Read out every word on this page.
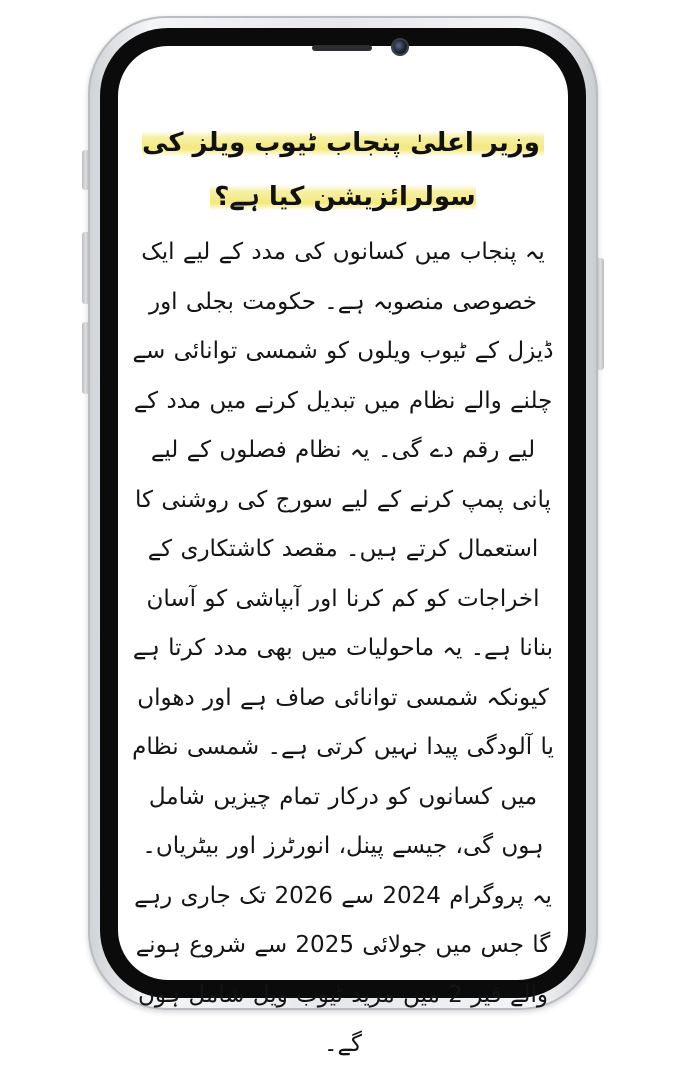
وزیر اعلیٰ پنجاب ٹیوب ویلز کی سولرائزیشن کیا ہے؟

یہ پنجاب میں کسانوں کی مدد کے لیے ایک خصوصی منصوبہ ہے۔ حکومت بجلی اور ڈیزل کے ٹیوب ویلوں کو شمسی توانائی سے چلنے والے نظام میں تبدیل کرنے میں مدد کے لیے رقم دے گی۔ یہ نظام فصلوں کے لیے پانی پمپ کرنے کے لیے سورج کی روشنی کا استعمال کرتے ہیں۔ مقصد کاشتکاری کے اخراجات کو کم کرنا اور آبپاشی کو آسان بنانا ہے۔ یہ ماحولیات میں بھی مدد کرتا ہے کیونکہ شمسی توانائی صاف ہے اور دھواں یا آلودگی پیدا نہیں کرتی ہے۔ شمسی نظام میں کسانوں کو درکار تمام چیزیں شامل ہوں گی، جیسے پینل، انورٹرز اور بیٹریاں۔ یہ پروگرام 2024 سے 2026 تک جاری رہے گا جس میں جولائی 2025 سے شروع ہونے والے فیز 2 میں مزید ٹیوب ویل شامل ہوں گے۔
